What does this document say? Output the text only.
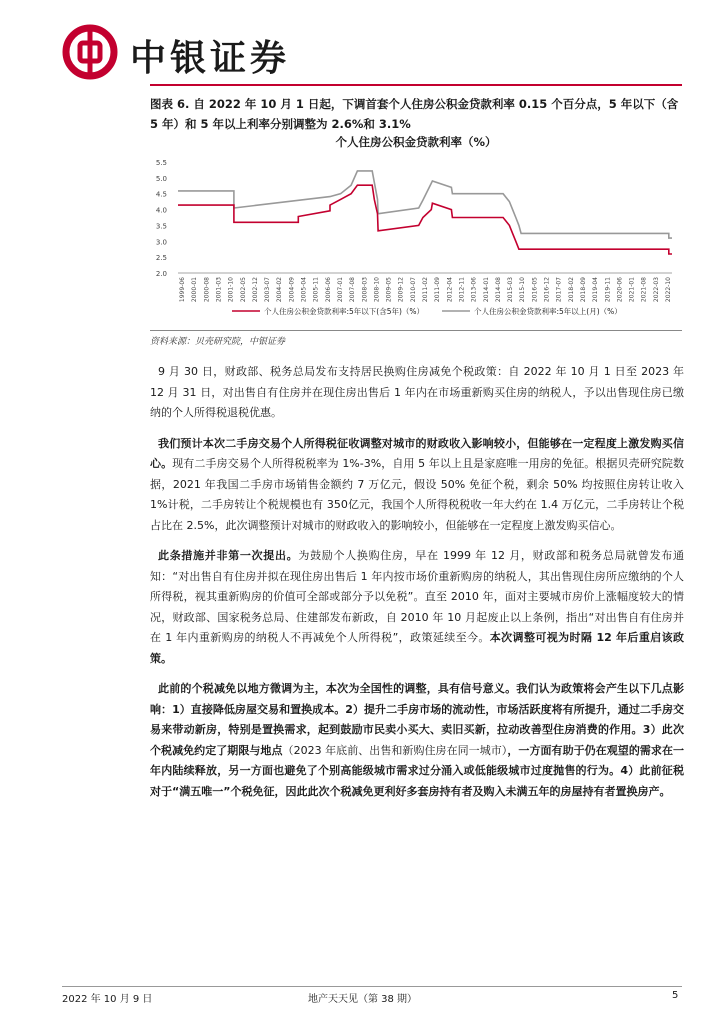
中银证券
图表 6. 自 2022 年 10 月 1 日起，下调首套个人住房公积金贷款利率 0.15 个百分点，5 年以下（含 5 年）和 5 年以上利率分别调整为 2.6%和 3.1%
个人住房公积金贷款利率（%）
5.5
5.0
4.5
4.0
3.5
3.0
2.5
2.0
1999-06 2000-01 2000-08 2001-03 2001-10 2002-05 2002-12 2003-07 2004-02 2004-09 2005-04 2005-11 2006-06 2007-01 2007-08 2008-03 2008-10 2009-05 2009-12 2010-07 2011-02 2011-09 2012-04 2012-11 2013-06 2014-01 2014-08 2015-03 2015-10 2016-05 2016-12 2017-07 2018-02 2018-09 2019-04 2019-11 2020-06 2021-01 2021-08 2022-03 2022-10
个人住房公积金贷款利率:5年以下(含5年)（%）	个人住房公积金贷款利率:5年以上(月)（%）
资料来源：贝壳研究院，中银证券

9 月 30 日，财政部、税务总局发布支持居民换购住房减免个税政策：自 2022 年 10 月 1 日至 2023 年 12 月 31 日，对出售自有住房并在现住房出售后 1 年内在市场重新购买住房的纳税人，予以出售现住房已缴纳的个人所得税退税优惠。

我们预计本次二手房交易个人所得税征收调整对城市的财政收入影响较小，但能够在一定程度上激发购买信心。现有二手房交易个人所得税税率为 1%-3%，自用 5 年以上且是家庭唯一用房的免征。根据贝壳研究院数据，2021 年我国二手房市场销售金额约 7 万亿元，假设 50% 免征个税，剩余 50% 均按照住房转让收入 1%计税，二手房转让个税规模也有 350亿元，我国个人所得税税收一年大约在 1.4 万亿元，二手房转让个税占比在 2.5%，此次调整预计对城市的财政收入的影响较小，但能够在一定程度上激发购买信心。

此条措施并非第一次提出。为鼓励个人换购住房，早在 1999 年 12 月，财政部和税务总局就曾发布通知：“对出售自有住房并拟在现住房出售后 1 年内按市场价重新购房的纳税人，其出售现住房所应缴纳的个人所得税，视其重新购房的价值可全部或部分予以免税”。直至 2010 年，面对主要城市房价上涨幅度较大的情况，财政部、国家税务总局、住建部发布新政，自 2010 年 10 月起废止以上条例，指出“对出售自有住房并在 1 年内重新购房的纳税人不再减免个人所得税”，政策延续至今。本次调整可视为时隔 12 年后重启该政策。

此前的个税减免以地方微调为主，本次为全国性的调整，具有信号意义。我们认为政策将会产生以下几点影响：1）直接降低房屋交易和置换成本。2）提升二手房市场的流动性，市场活跃度将有所提升，通过二手房交易来带动新房，特别是置换需求，起到鼓励市民卖小买大、卖旧买新，拉动改善型住房消费的作用。3）此次个税减免约定了期限与地点（2023 年底前、出售和新购住房在同一城市），一方面有助于仍在观望的需求在一年内陆续释放，另一方面也避免了个别高能级城市需求过分涌入或低能级城市过度抛售的行为。4）此前征税对于“满五唯一”个税免征，因此此次个税减免更利好多套房持有者及购入未满五年的房屋持有者置换房产。

2022 年 10 月 9 日	地产天天见（第 38 期）	5
